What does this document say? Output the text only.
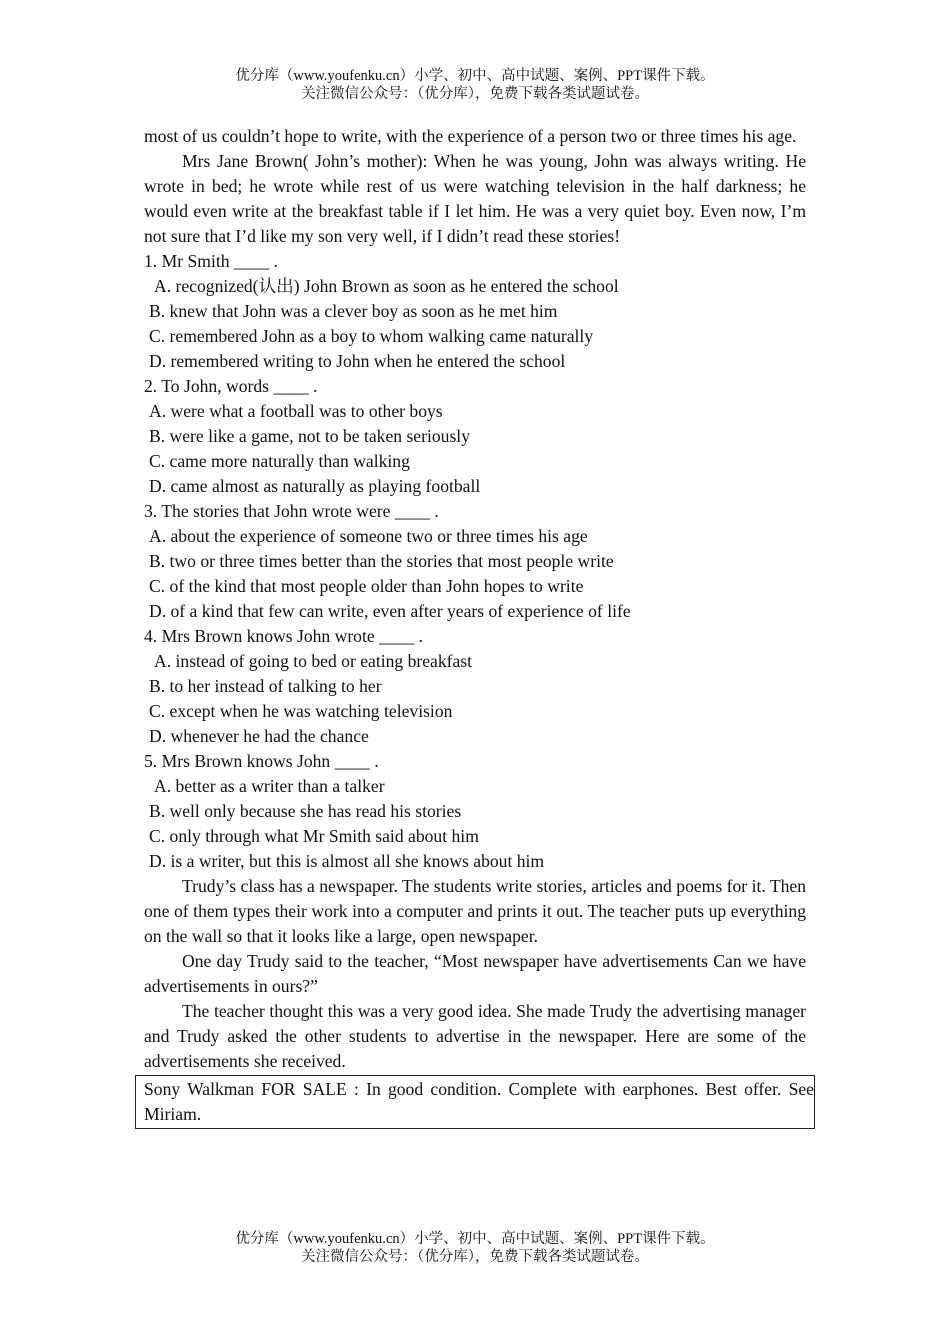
优分库（www.youfenku.cn）小学、初中、高中试题、案例、PPT课件下载。
关注微信公众号：（优分库），免费下载各类试题试卷。

most of us couldn’t hope to write, with the experience of a person two or three times his age.

Mrs Jane Brown( John’s mother): When he was young, John was always writing. He wrote in bed; he wrote while rest of us were watching television in the half darkness; he would even write at the breakfast table if I let him. He was a very quiet boy. Even now, I’m not sure that I’d like my son very well, if I didn’t read these stories!

1. Mr Smith ____ .

A. recognized(认出) John Brown as soon as he entered the school

B. knew that John was a clever boy as soon as he met him

C. remembered John as a boy to whom walking came naturally

D. remembered writing to John when he entered the school

2. To John, words ____ .

A. were what a football was to other boys

B. were like a game, not to be taken seriously

C. came more naturally than walking

D. came almost as naturally as playing football

3. The stories that John wrote were ____ .

A. about the experience of someone two or three times his age

B. two or three times better than the stories that most people write

C. of the kind that most people older than John hopes to write

D. of a kind that few can write, even after years of experience of life

4. Mrs Brown knows John wrote ____ .

A. instead of going to bed or eating breakfast

B. to her instead of talking to her

C. except when he was watching television

D. whenever he had the chance

5. Mrs Brown knows John ____ .

A. better as a writer than a talker

B. well only because she has read his stories

C. only through what Mr Smith said about him

D. is a writer, but this is almost all she knows about him

Trudy’s class has a newspaper. The students write stories, articles and poems for it. Then one of them types their work into a computer and prints it out. The teacher puts up everything on the wall so that it looks like a large, open newspaper.

One day Trudy said to the teacher, “Most newspaper have advertisements Can we have advertisements in ours?”

The teacher thought this was a very good idea. She made Trudy the advertising manager and Trudy asked the other students to advertise in the newspaper. Here are some of the advertisements she received.

Sony Walkman FOR SALE : In good condition. Complete with earphones. Best offer. See Miriam.
优分库（www.youfenku.cn）小学、初中、高中试题、案例、PPT课件下载。
关注微信公众号：（优分库），免费下载各类试题试卷。
